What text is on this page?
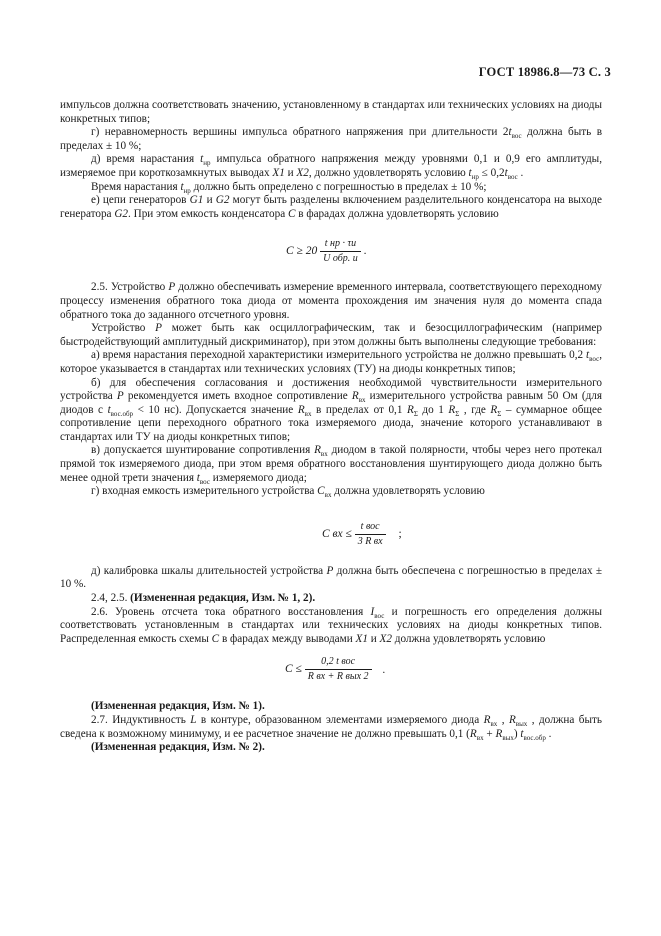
ГОСТ 18986.8—73 С. 3

импульсов должна соответствовать значению, установленному в стандартах или технических условиях на диоды конкретных типов;

г) неравномерность вершины импульса обратного напряжения при длительности $2t_{вос}$ должна быть в пределах ± 10 %;

д) время нарастания $t_{нр}$ импульса обратного напряжения между уровнями 0,1 и 0,9 его амплитуды, измеряемое при короткозамкнутых выводах X1 и X2, должно удовлетворять условию $t_{нр} \le 0,2t_{вос}$ .

Время нарастания $t_{нр}$ должно быть определено с погрешностью в пределах ± 10 %;

е) цепи генераторов G1 и G2 могут быть разделены включением разделительного конденсатора на выходе генератора G2. При этом емкость конденсатора C в фарадах должна удовлетворять условию

$C \ge 20 \frac{\text{t нр · τи}}{\text{U обр. и}}$ .

2.5. Устройство P должно обеспечивать измерение временного интервала, соответствующего переходному процессу изменения обратного тока диода от момента прохождения им значения нуля до момента спада обратного тока до заданного отсчетного уровня.

Устройство P может быть как осциллографическим, так и безосциллографическим (например быстродействующий амплитудный дискриминатор), при этом должны быть выполнены следующие требования:

а) время нарастания переходной характеристики измерительного устройства не должно превышать 0,2 $t_{вос}$, которое указывается в стандартах или технических условиях (ТУ) на диоды конкретных типов;

б) для обеспечения согласования и достижения необходимой чувствительности измерительного устройства P рекомендуется иметь входное сопротивление $R_{вх}$ измерительного устройства равным 50 Ом (для диодов с $t_{вос.обр} < 10$ нс). Допускается значение $R_{вх}$ в пределах от 0,1 $R_\Sigma$ до 1 $R_\Sigma$ , где $R_\Sigma$ – суммарное общее сопротивление цепи переходного обратного тока измеряемого диода, значение которого устанавливают в стандартах или ТУ на диоды конкретных типов;

в) допускается шунтирование сопротивления $R_{вх}$ диодом в такой полярности, чтобы через него протекал прямой ток измеряемого диода, при этом время обратного восстановления шунтирующего диода должно быть менее одной трети значения $t_{вос}$ измеряемого диода;

г) входная емкость измерительного устройства $C_{вх}$ должна удовлетворять условию

C вх ≤ $\frac{\text{t вос}}{\text{3 R вх}}$ ;

д) калибровка шкалы длительностей устройства P должна быть обеспечена с погрешностью в пределах ± 10 %.

2.4, 2.5. (Измененная редакция, Изм. № 1, 2).

2.6. Уровень отсчета тока обратного восстановления $I_{вос}$ и погрешность его определения должны соответствовать установленным в стандартах или технических условиях на диоды конкретных типов. Распределенная емкость схемы C в фарадах между выводами X1 и X2 должна удовлетворять условию

$C \le \frac{\text{0,2 t вос}}{\text{R вх + R вых 2}}$ .

(Измененная редакция, Изм. № 1).

2.7. Индуктивность L в контуре, образованном элементами измеряемого диода $R_{вх}$ , $R_{вых}$ , должна быть сведена к возможному минимуму, и ее расчетное значение не должно превышать 0,1 $(R_{вх} + R_{вых})$ $t_{вос.обр}$ .

(Измененная редакция, Изм. № 2).
